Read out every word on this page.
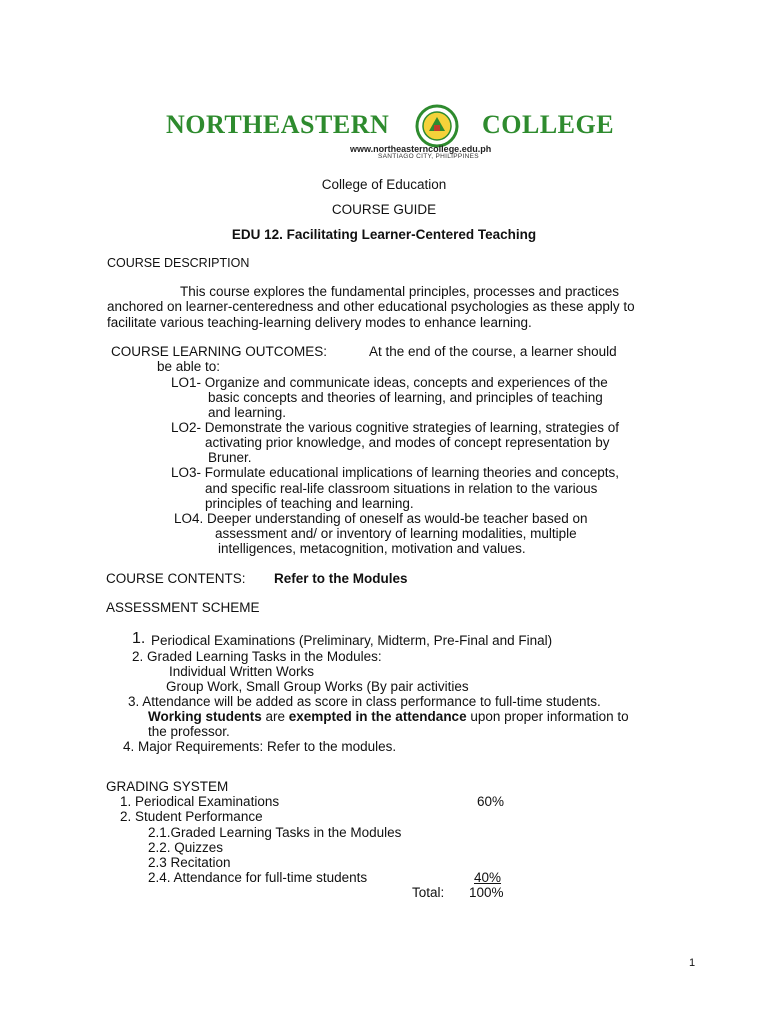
NORTHEASTERN	COLLEGE
www.northeasterncollege.edu.ph
SANTIAGO CITY, PHILIPPINES
College of Education
COURSE GUIDE
EDU 12. Facilitating Learner-Centered Teaching
COURSE DESCRIPTION
This course explores the fundamental principles, processes and practices
anchored on learner-centeredness and other educational psychologies as these apply to
facilitate various teaching-learning delivery modes to enhance learning.
COURSE LEARNING OUTCOMES:	At the end of the course, a learner should
be able to:
LO1- Organize and communicate ideas, concepts and experiences of the
basic concepts and theories of learning, and principles of teaching
and learning.
LO2- Demonstrate the various cognitive strategies of learning, strategies of
activating prior knowledge, and modes of concept representation by
Bruner.
LO3- Formulate educational implications of learning theories and concepts,
and specific real-life classroom situations in relation to the various
principles of teaching and learning.
LO4. Deeper understanding of oneself as would-be teacher based on
assessment and/ or inventory of learning modalities, multiple
intelligences, metacognition, motivation and values.
COURSE CONTENTS: Refer to the Modules
ASSESSMENT SCHEME
1. Periodical Examinations (Preliminary, Midterm, Pre-Final and Final)
2. Graded Learning Tasks in the Modules:
Individual Written Works
Group Work, Small Group Works (By pair activities
3. Attendance will be added as score in class performance to full-time students.
Working students are exempted in the attendance upon proper information to
the professor.
4. Major Requirements: Refer to the modules.
GRADING SYSTEM
1. Periodical Examinations	60%
2. Student Performance
2.1.Graded Learning Tasks in the Modules
2.2. Quizzes
2.3 Recitation
2.4. Attendance for full-time students	40%
Total: 100%
1
